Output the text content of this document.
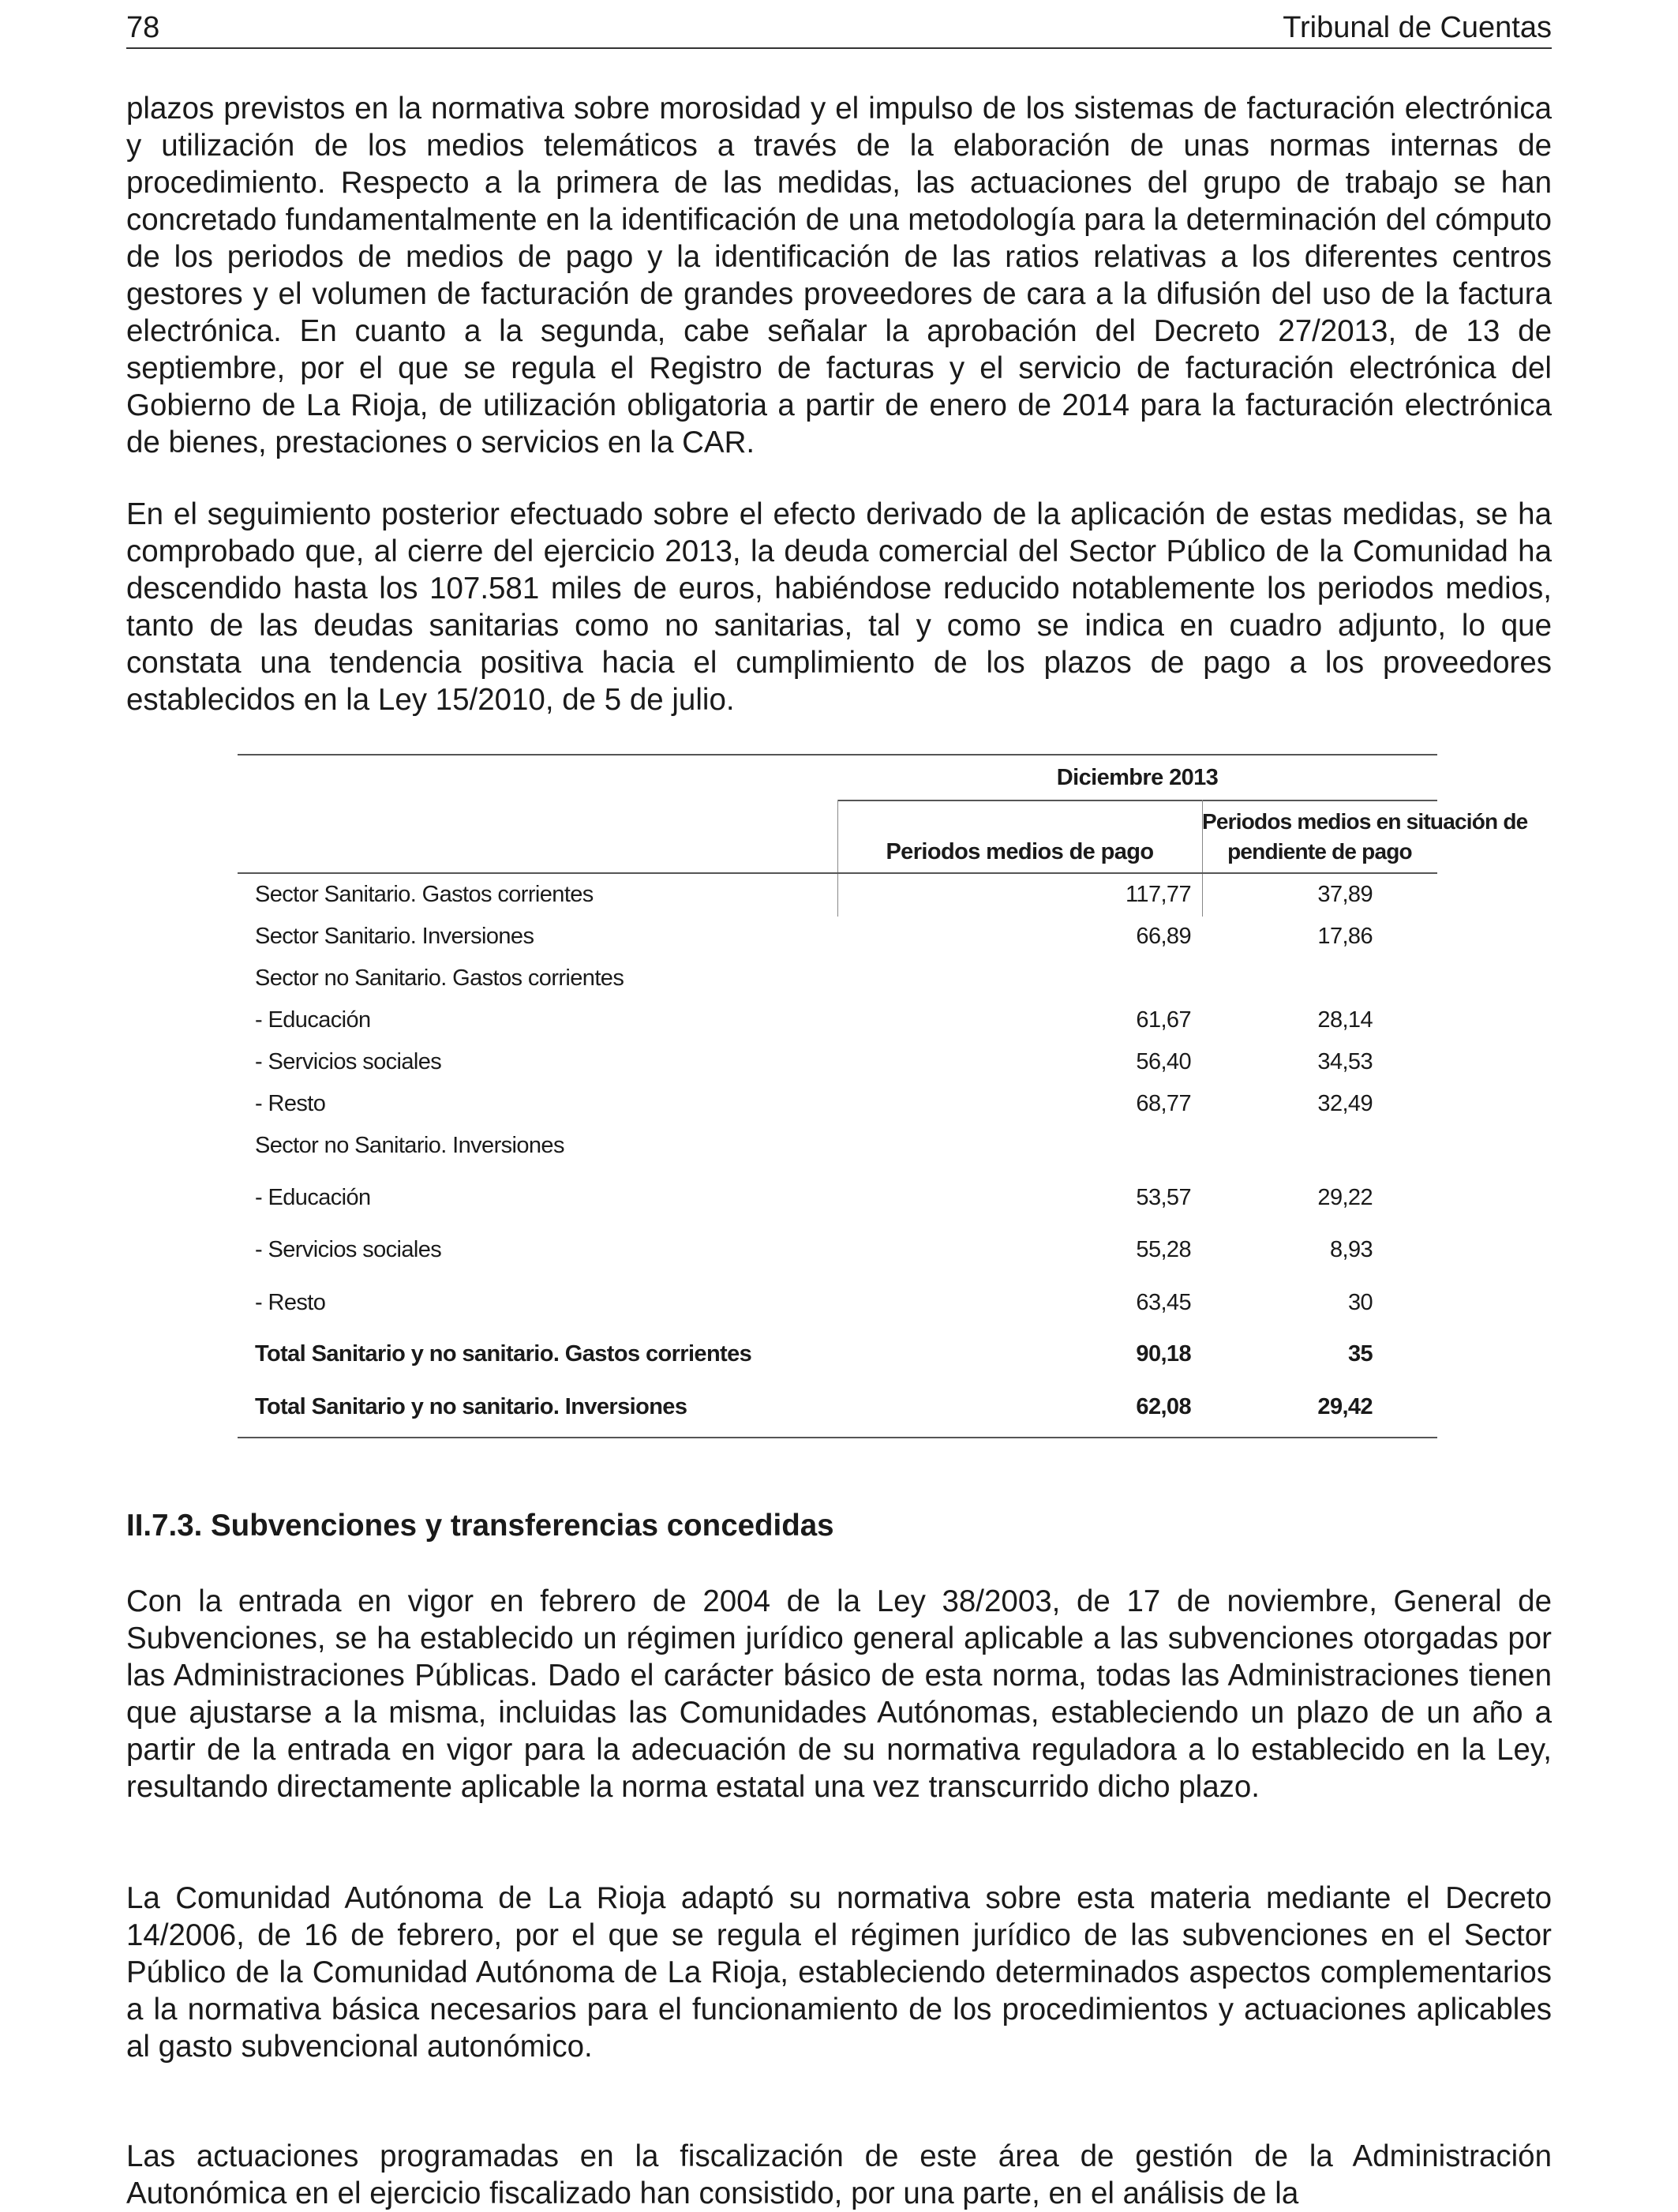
78	Tribunal de Cuentas

plazos previstos en la normativa sobre morosidad y el impulso de los sistemas de facturación electrónica y utilización de los medios telemáticos a través de la elaboración de unas normas internas de procedimiento. Respecto a la primera de las medidas, las actuaciones del grupo de trabajo se han concretado fundamentalmente en la identificación de una metodología para la determinación del cómputo de los periodos de medios de pago y la identificación de las ratios relativas a los diferentes centros gestores y el volumen de facturación de grandes proveedores de cara a la difusión del uso de la factura electrónica. En cuanto a la segunda, cabe señalar la aprobación del Decreto 27/2013, de 13 de septiembre, por el que se regula el Registro de facturas y el servicio de facturación electrónica del Gobierno de La Rioja, de utilización obligatoria a partir de enero de 2014 para la facturación electrónica de bienes, prestaciones o servicios en la CAR.

En el seguimiento posterior efectuado sobre el efecto derivado de la aplicación de estas medidas, se ha comprobado que, al cierre del ejercicio 2013, la deuda comercial del Sector Público de la Comunidad ha descendido hasta los 107.581 miles de euros, habiéndose reducido notablemente los periodos medios, tanto de las deudas sanitarias como no sanitarias, tal y como se indica en cuadro adjunto, lo que constata una tendencia positiva hacia el cumplimiento de los plazos de pago a los proveedores establecidos en la Ley 15/2010, de 5 de julio.

Diciembre 2013
Periodos medios de pago
Periodos medios en situación de
pendiente de pago
Sector Sanitario. Gastos corrientes	117,77	37,89
Sector Sanitario. Inversiones	66,89	17,86
Sector no Sanitario. Gastos corrientes
- Educación	61,67	28,14
- Servicios sociales	56,40	34,53
- Resto	68,77	32,49
Sector no Sanitario. Inversiones
- Educación	53,57	29,22
- Servicios sociales	55,28	8,93
- Resto	63,45	30
Total Sanitario y no sanitario. Gastos corrientes	90,18	35
Total Sanitario y no sanitario. Inversiones	62,08	29,42
II.7.3. Subvenciones y transferencias concedidas

Con la entrada en vigor en febrero de 2004 de la Ley 38/2003, de 17 de noviembre, General de Subvenciones, se ha establecido un régimen jurídico general aplicable a las subvenciones otorgadas por las Administraciones Públicas. Dado el carácter básico de esta norma, todas las Administraciones tienen que ajustarse a la misma, incluidas las Comunidades Autónomas, estableciendo un plazo de un año a partir de la entrada en vigor para la adecuación de su normativa reguladora a lo establecido en la Ley, resultando directamente aplicable la norma estatal una vez transcurrido dicho plazo.

La Comunidad Autónoma de La Rioja adaptó su normativa sobre esta materia mediante el Decreto 14/2006, de 16 de febrero, por el que se regula el régimen jurídico de las subvenciones en el Sector Público de la Comunidad Autónoma de La Rioja, estableciendo determinados aspectos complementarios a la normativa básica necesarios para el funcionamiento de los procedimientos y actuaciones aplicables al gasto subvencional autonómico.

Las actuaciones programadas en la fiscalización de este área de gestión de la Administración Autonómica en el ejercicio fiscalizado han consistido, por una parte, en el análisis de la
